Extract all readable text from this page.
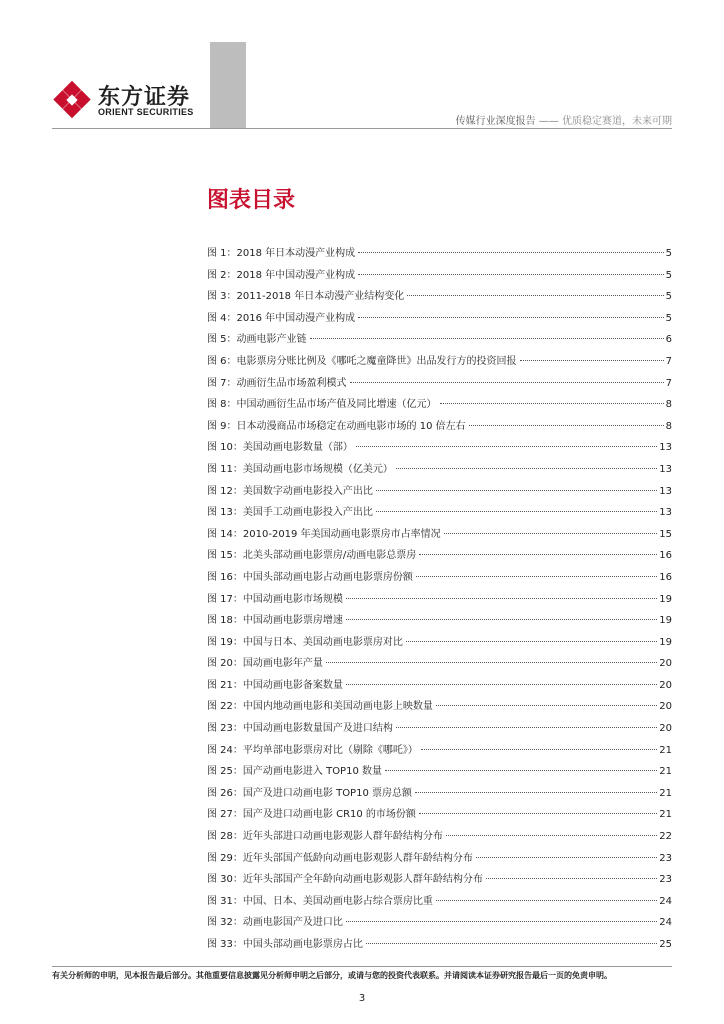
东方证券
ORIENT SECURITIES
传媒行业深度报告 —— 优质稳定赛道，未来可期
图表目录
图 1：2018 年日本动漫产业构成	5
图 2：2018 年中国动漫产业构成	5
图 3：2011-2018 年日本动漫产业结构变化	5
图 4：2016 年中国动漫产业构成	5
图 5：动画电影产业链	6
图 6：电影票房分账比例及《哪吒之魔童降世》出品发行方的投资回报	7
图 7：动画衍生品市场盈利模式	7
图 8：中国动画衍生品市场产值及同比增速（亿元）	8
图 9：日本动漫商品市场稳定在动画电影市场的 10 倍左右	8
图 10：美国动画电影数量（部）	13
图 11：美国动画电影市场规模（亿美元）	13
图 12：美国数字动画电影投入产出比	13
图 13：美国手工动画电影投入产出比	13
图 14：2010-2019 年美国动画电影票房市占率情况	15
图 15：北美头部动画电影票房/动画电影总票房	16
图 16：中国头部动画电影占动画电影票房份额	16
图 17：中国动画电影市场规模	19
图 18：中国动画电影票房增速	19
图 19：中国与日本、美国动画电影票房对比	19
图 20：国动画电影年产量	20
图 21：中国动画电影备案数量	20
图 22：中国内地动画电影和美国动画电影上映数量	20
图 23：中国动画电影数量国产及进口结构	20
图 24：平均单部电影票房对比（剔除《哪吒》）	21
图 25：国产动画电影进入 TOP10 数量	21
图 26：国产及进口动画电影 TOP10 票房总额	21
图 27：国产及进口动画电影 CR10 的市场份额	21
图 28：近年头部进口动画电影观影人群年龄结构分布	22
图 29：近年头部国产低龄向动画电影观影人群年龄结构分布	23
图 30：近年头部国产全年龄向动画电影观影人群年龄结构分布	23
图 31：中国、日本、美国动画电影占综合票房比重	24
图 32：动画电影国产及进口比	24
图 33：中国头部动画电影票房占比	25
有关分析师的申明，见本报告最后部分。其他重要信息披露见分析师申明之后部分，或请与您的投资代表联系。并请阅读本证券研究报告最后一页的免责申明。
3
